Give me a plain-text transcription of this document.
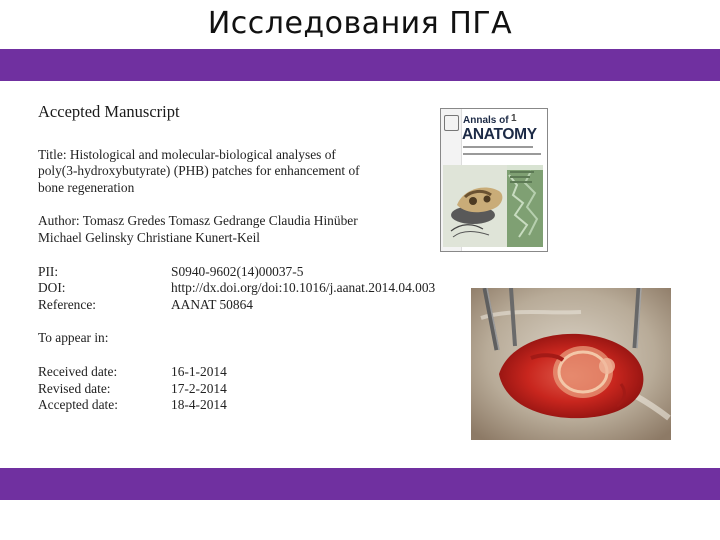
Исследования ПГА
Accepted Manuscript
Title: Histological and molecular-biological analyses of
poly(3-hydroxybutyrate) (PHB) patches for enhancement of
bone regeneration
Author: Tomasz Gredes Tomasz Gedrange Claudia Hinüber
Michael Gelinsky Christiane Kunert-Keil
PII:	S0940-9602(14)00037-5
DOI:	http://dx.doi.org/doi:10.1016/j.aanat.2014.04.003
Reference:	AANAT 50864
To appear in:
Received date:	16-1-2014
Revised date:	17-2-2014
Accepted date:	18-4-2014
Annals of 1
ANATOMY
